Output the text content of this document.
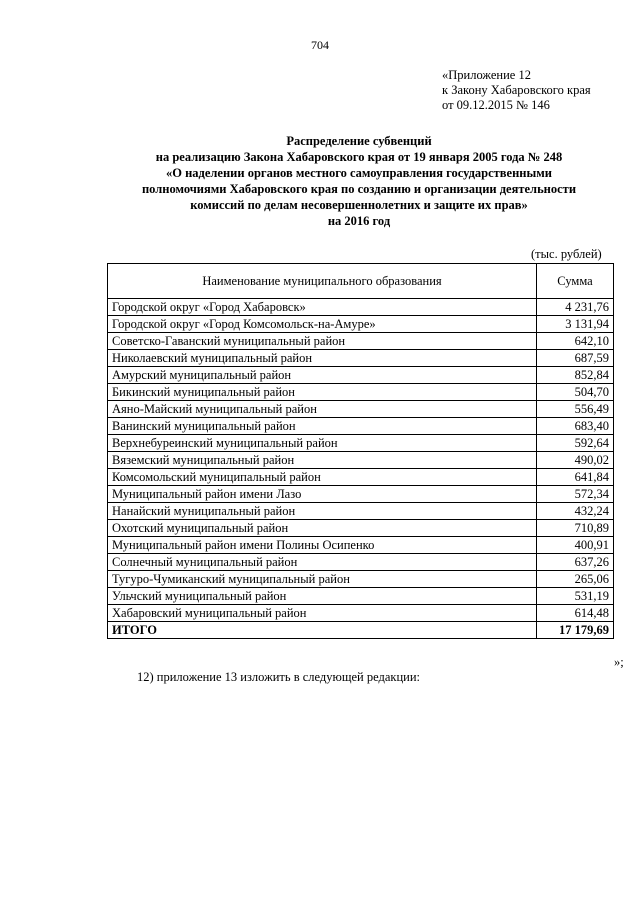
704
«Приложение 12
к Закону Хабаровского края
от 09.12.2015 № 146
Распределение субвенций
на реализацию Закона Хабаровского края от 19 января 2005 года № 248
«О наделении органов местного самоуправления государственными
полномочиями Хабаровского края по созданию и организации деятельности
комиссий по делам несовершеннолетних и защите их прав»
на 2016 год
(тыс. рублей)
Наименование муниципального образования	Сумма
Городской округ «Город Хабаровск»	4 231,76
Городской округ «Город Комсомольск-на-Амуре»	3 131,94
Советско-Гаванский муниципальный район	642,10
Николаевский муниципальный район	687,59
Амурский муниципальный район	852,84
Бикинский муниципальный район	504,70
Аяно-Майский муниципальный район	556,49
Ванинский муниципальный район	683,40
Верхнебуреинский муниципальный район	592,64
Вяземский муниципальный район	490,02
Комсомольский муниципальный район	641,84
Муниципальный район имени Лазо	572,34
Нанайский муниципальный район	432,24
Охотский муниципальный район	710,89
Муниципальный район имени Полины Осипенко	400,91
Солнечный муниципальный район	637,26
Тугуро-Чумиканский муниципальный район	265,06
Ульчский муниципальный район	531,19
Хабаровский муниципальный район	614,48
ИТОГО	17 179,69
»;
12) приложение 13 изложить в следующей редакции:
